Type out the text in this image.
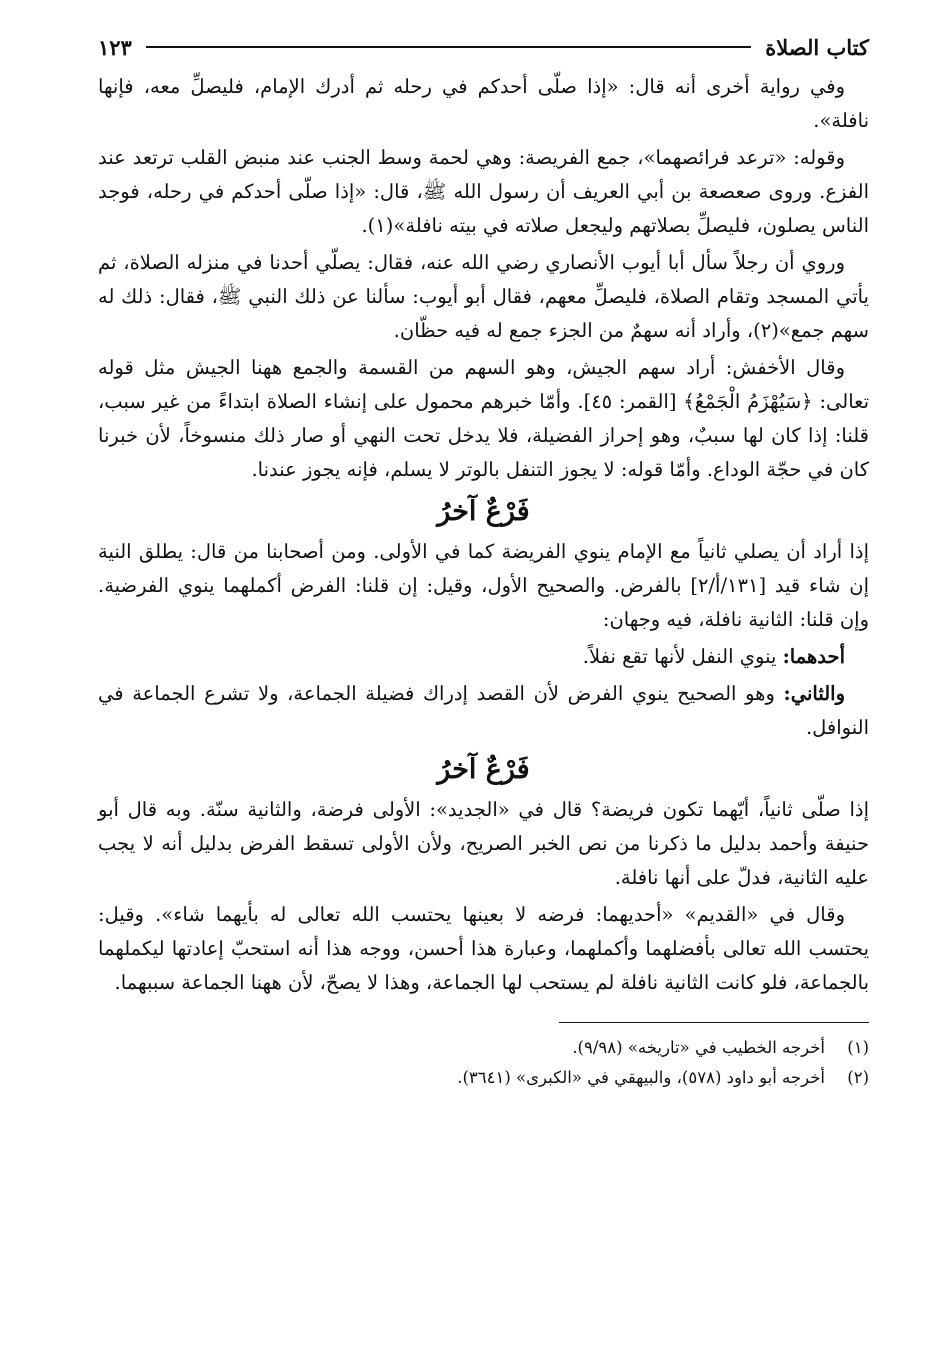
كتاب الصلاة
١٢٣

وفي رواية أخرى أنه قال: «إذا صلّى أحدكم في رحله ثم أدرك الإمام، فليصلِّ معه، فإنها نافلة».

وقوله: «ترعد فرائصهما»، جمع الفريصة: وهي لحمة وسط الجنب عند منبض القلب ترتعد عند الفزع. وروى صعصعة بن أبي العريف أن رسول الله ﷺ، قال: «إذا صلّى أحدكم في رحله، فوجد الناس يصلون، فليصلِّ بصلاتهم وليجعل صلاته في بيته نافلة»(١).

وروي أن رجلاً سأل أبا أيوب الأنصاري رضي الله عنه، فقال: يصلّي أحدنا في منزله الصلاة، ثم يأتي المسجد وتقام الصلاة، فليصلِّ معهم، فقال أبو أيوب: سألنا عن ذلك النبي ﷺ، فقال: ذلك له سهم جمع»(٢)، وأراد أنه سهمٌ من الجزء جمع له فيه حظّان.

وقال الأخفش: أراد سهم الجيش، وهو السهم من القسمة والجمع ههنا الجيش مثل قوله تعالى: ﴿سَيُهْزَمُ الْجَمْعُ﴾ [القمر: ٤٥]. وأمّا خبرهم محمول على إنشاء الصلاة ابتداءً من غير سبب، قلنا: إذا كان لها سببٌ، وهو إحراز الفضيلة، فلا يدخل تحت النهي أو صار ذلك منسوخاً، لأن خبرنا كان في حجّة الوداع. وأمّا قوله: لا يجوز التنفل بالوتر لا يسلم، فإنه يجوز عندنا.

فَرْعٌ آخرُ

إذا أراد أن يصلي ثانياً مع الإمام ينوي الفريضة كما في الأولى. ومن أصحابنا من قال: يطلق النية إن شاء قيد [١٣١/أ/٢] بالفرض. والصحيح الأول، وقيل: إن قلنا: الفرض أكملهما ينوي الفرضية. وإن قلنا: الثانية نافلة، فيه وجهان:

أحدهما: ينوي النفل لأنها تقع نفلاً.

والثاني: وهو الصحيح ينوي الفرض لأن القصد إدراك فضيلة الجماعة، ولا تشرع الجماعة في النوافل.

فَرْعٌ آخرُ

إذا صلّى ثانياً، أيّهما تكون فريضة؟ قال في «الجديد»: الأولى فرضة، والثانية سنّة. وبه قال أبو حنيفة وأحمد بدليل ما ذكرنا من نص الخبر الصريح، ولأن الأولى تسقط الفرض بدليل أنه لا يجب عليه الثانية، فدلّ على أنها نافلة.

وقال في «القديم» «أحديهما: فرضه لا بعينها يحتسب الله تعالى له بأيهما شاء». وقيل: يحتسب الله تعالى بأفضلهما وأكملهما، وعبارة هذا أحسن، ووجه هذا أنه استحبّ إعادتها ليكملهما بالجماعة، فلو كانت الثانية نافلة لم يستحب لها الجماعة، وهذا لا يصحّ، لأن ههنا الجماعة سببهما.

(١)أخرجه الخطيب في «تاريخه» (٩/٩٨).

(٢)أخرجه أبو داود (٥٧٨)، والبيهقي في «الكبرى» (٣٦٤١).
